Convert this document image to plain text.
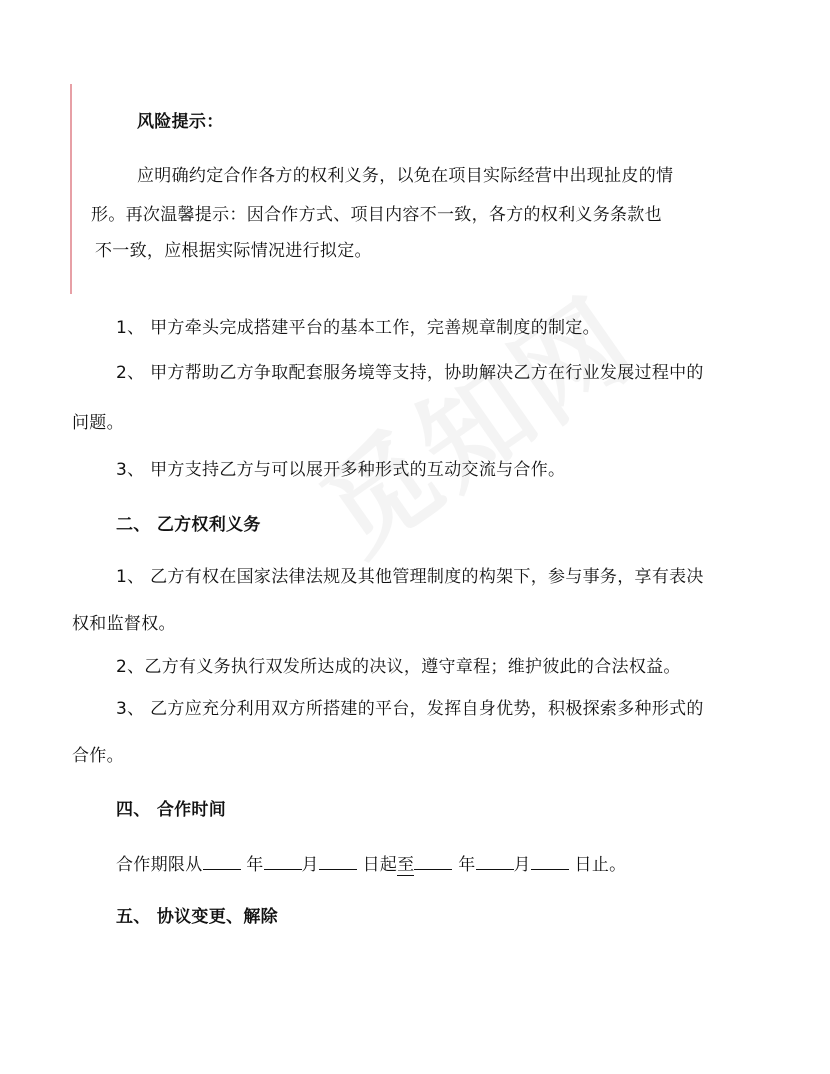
风险提示：
应明确约定合作各方的权利义务，以免在项目实际经营中出现扯皮的情
形。再次温馨提示：因合作方式、项目内容不一致，各方的权利义务条款也
不一致，应根据实际情况进行拟定。
1、 甲方牵头完成搭建平台的基本工作，完善规章制度的制定。
2、 甲方帮助乙方争取配套服务境等支持，协助解决乙方在行业发展过程中的
问题。
3、 甲方支持乙方与可以展开多种形式的互动交流与合作。
二、 乙方权利义务
1、 乙方有权在国家法律法规及其他管理制度的构架下，参与事务，享有表决
权和监督权。
2、乙方有义务执行双发所达成的决议，遵守章程；维护彼此的合法权益。
3、 乙方应充分利用双方所搭建的平台，发挥自身优势，积极探索多种形式的
合作。
四、 合作时间
合作期限从	年 月	日起至	年 月	日止。
五、 协议变更、解除
